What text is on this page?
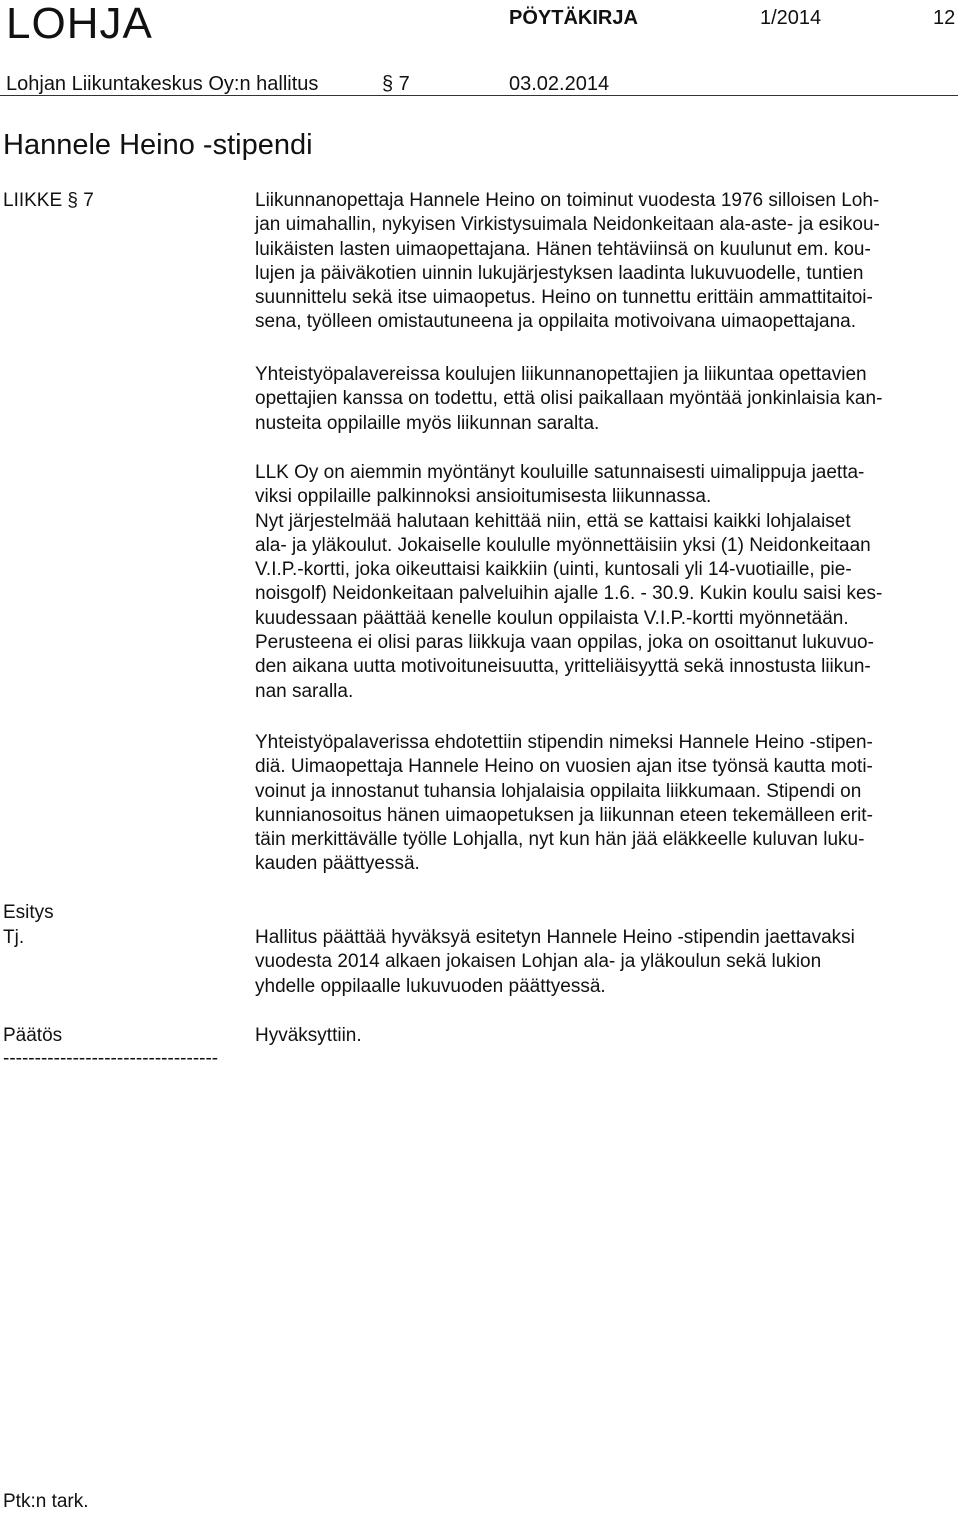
LOHJA	PÖYTÄKIRJA	1/2014	12
Lohjan Liikuntakeskus Oy:n hallitus	§ 7	03.02.2014
Hannele Heino -stipendi
LIIKKE § 7	Liikunnanopettaja Hannele Heino on toiminut vuodesta 1976 silloisen Loh-

jan uimahallin, nykyisen Virkistysuimala Neidonkeitaan ala-aste- ja esikou-

luikäisten lasten uimaopettajana. Hänen tehtäviinsä on kuulunut em. kou-

lujen ja päiväkotien uinnin lukujärjestyksen laadinta lukuvuodelle, tuntien

suunnittelu sekä itse uimaopetus. Heino on tunnettu erittäin ammattitaitoi-

sena, työlleen omistautuneena ja oppilaita motivoivana uimaopettajana.

Yhteistyöpalavereissa koulujen liikunnanopettajien ja liikuntaa opettavien

opettajien kanssa on todettu, että olisi paikallaan myöntää jonkinlaisia kan-

nusteita oppilaille myös liikunnan saralta.

LLK Oy on aiemmin myöntänyt kouluille satunnaisesti uimalippuja jaetta-

viksi oppilaille palkinnoksi ansioitumisesta liikunnassa.

Nyt järjestelmää halutaan kehittää niin, että se kattaisi kaikki lohjalaiset

ala- ja yläkoulut. Jokaiselle koululle myönnettäisiin yksi (1) Neidonkeitaan

V.I.P.-kortti, joka oikeuttaisi kaikkiin (uinti, kuntosali yli 14-vuotiaille, pie-

noisgolf) Neidonkeitaan palveluihin ajalle 1.6. - 30.9. Kukin koulu saisi kes-

kuudessaan päättää kenelle koulun oppilaista V.I.P.-kortti myönnetään.

Perusteena ei olisi paras liikkuja vaan oppilas, joka on osoittanut lukuvuo-

den aikana uutta motivoituneisuutta, yritteliäisyyttä sekä innostusta liikun-

nan saralla.

Yhteistyöpalaverissa ehdotettiin stipendin nimeksi Hannele Heino -stipen-

diä. Uimaopettaja Hannele Heino on vuosien ajan itse työnsä kautta moti-

voinut ja innostanut tuhansia lohjalaisia oppilaita liikkumaan. Stipendi on

kunnianosoitus hänen uimaopetuksen ja liikunnan eteen tekemälleen erit-

täin merkittävälle työlle Lohjalla, nyt kun hän jää eläkkeelle kuluvan luku-

kauden päättyessä.

Esitys
Tj.	Hallitus päättää hyväksyä esitetyn Hannele Heino -stipendin jaettavaksi

vuodesta 2014 alkaen jokaisen Lohjan ala- ja yläkoulun sekä lukion

yhdelle oppilaalle lukuvuoden päättyessä.

Päätös	Hyväksyttiin.
----------------------------------
Ptk:n tark.
